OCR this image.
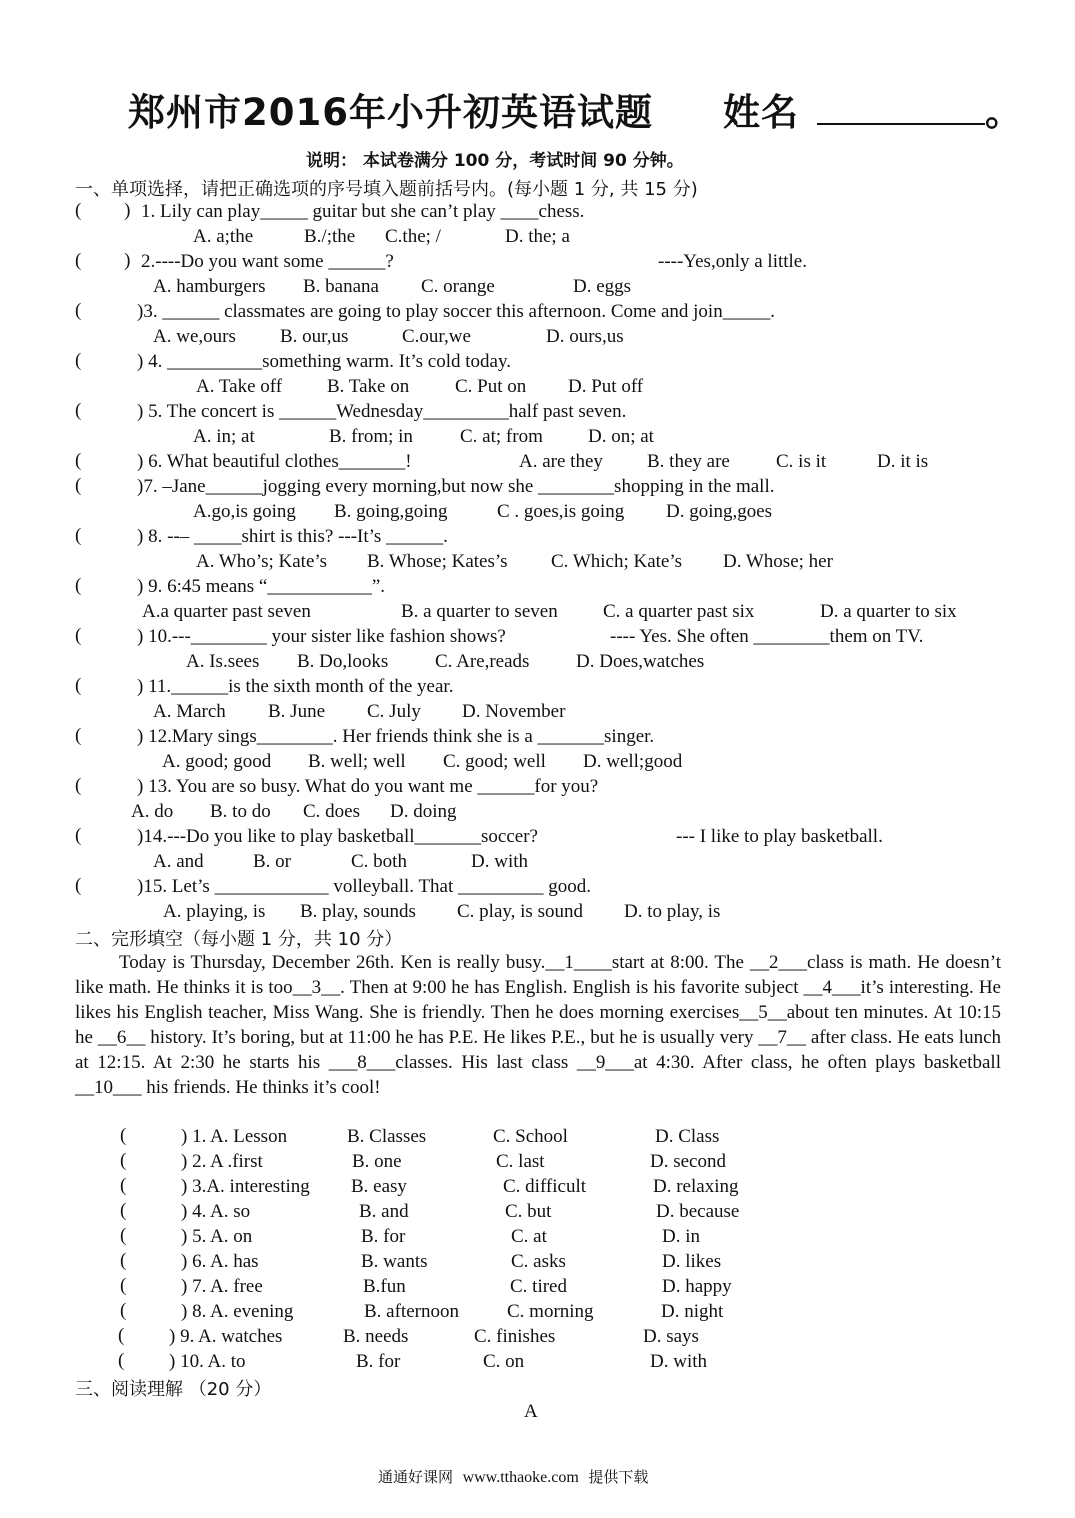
郑州市2016年小升初英语试题 姓名	。
说明： 本试卷满分 100 分，考试时间 90 分钟。
一、单项选择，请把正确选项的序号填入题前括号内。(每小题 1 分, 共 15 分)
(         ) 1. Lily can play_____ guitar but she can’t play ____chess.
A. a;the	B./;the C.the; /	D. the; a
(         ) 2.----Do you want some ______?	----Yes,only a little.
A. hamburgers B. banana C. orange	D. eggs
( )3. ______ classmates are going to play soccer this afternoon. Come and join_____.
A. we,ours B. our,us	C.our,we	D. ours,us
( ) 4. __________something warm. It’s cold today.
A. Take off B. Take on C. Put on D. Put off
( ) 5. The concert is ______Wednesday_________half past seven.
A. in; at	B. from; in C. at; from D. on; at
( ) 6. What beautiful clothes_______!	A. are they B. they are C. is it	D. it is
( )7. –Jane______jogging every morning,but now she ________shopping in the mall.
A.go,is going B. going,going	C . goes,is going D. going,goes
( ) 8. --– _____shirt is this? ---It’s ______.
A. Who’s; Kate’s B. Whose; Kates’s C. Which; Kate’s D. Whose; her
( ) 9. 6:45 means “___________”.
A.a quarter past seven	B. a quarter to seven C. a quarter past six	D. a quarter to six
( ) 10.---________ your sister like fashion shows?	---- Yes. She often ________them on TV.
A. Is.sees B. Do,looks C. Are,reads D. Does,watches
( ) 11.______is the sixth month of the year.
A. March B. June C. July D. November
( ) 12.Mary sings________. Her friends think she is a _______singer.
A. good; good B. well; well C. good; well D. well;good
( ) 13. You are so busy. What do you want me ______for you?
A. do B. to do C. does D. doing
( )14.---Do you like to play basketball_______soccer?	--- I like to play basketball.
A. and	B. or	C. both	D. with
( )15. Let’s ____________ volleyball. That _________ good.
A. playing, is B. play, sounds C. play, is sound D. to play, is
二、完形填空（每小题 1 分，共 10 分）
Today is Thursday, December 26th. Ken is really busy.__1____start at 8:00. The __2___class is math. He doesn’t like math. He thinks it is too__3__. Then at 9:00 he has English. English is his favorite subject __4___it’s interesting. He likes his English teacher, Miss Wang. She is friendly. Then he does morning exercises__5__about ten minutes. At 10:15 he __6__ history. It’s boring, but at 11:00 he has P.E. He likes P.E., but he is usually very __7__ after class. He eats lunch at 12:15. At 2:30 he starts his ___8___classes. His last class __9___at 4:30. After class, he often plays basketball __10___ his friends. He thinks it’s cool!
(	) 1. A. Lesson	B. Classes	C. School	D. Class
(	) 2. A .first	B. one	C. last	D. second
(	) 3.A. interesting B. easy	C. difficult	D. relaxing
(	) 4. A. so	B. and	C. but	D. because
(	) 5. A. on	B. for	C. at	D. in
(	) 6. A. has	B. wants	C. asks	D. likes
(	) 7. A. free	B.fun	C. tired	D. happy
(	) 8. A. evening	B. afternoon	C. morning	D. night
( ) 9. A. watches	B. needs	C. finishes	D. says
( ) 10. A. to	B. for	C. on	D. with
三、阅读理解 （20 分）
A
通通好课网 www.tthaoke.com 提供下载
